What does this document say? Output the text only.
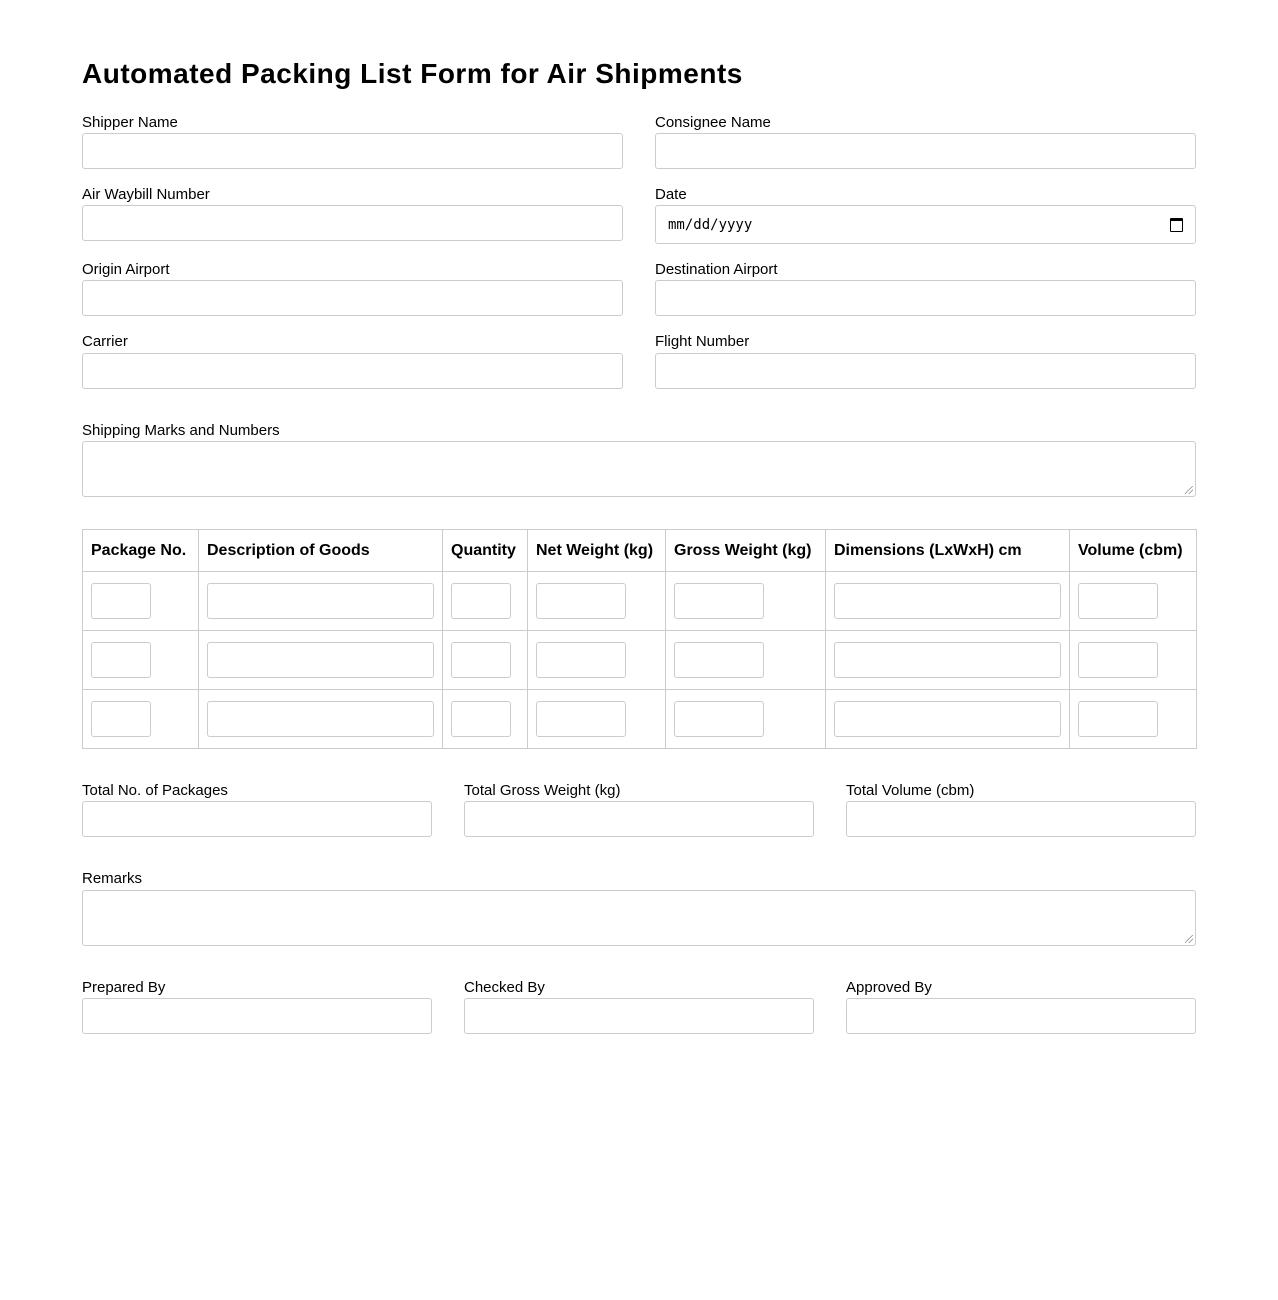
Automated Packing List Form for Air Shipments
Shipper Name	Consignee Name
Air Waybill Number	Date
mm/dd/yyyy
Origin Airport	Destination Airport
Carrier	Flight Number
Shipping Marks and Numbers
Package No.	Description of Goods	Quantity	Net Weight (kg)	Gross Weight (kg)	Dimensions (LxWxH) cm	Volume (cbm)

Total No. of Packages	Total Gross Weight (kg)	Total Volume (cbm)
Remarks
Prepared By	Checked By	Approved By
